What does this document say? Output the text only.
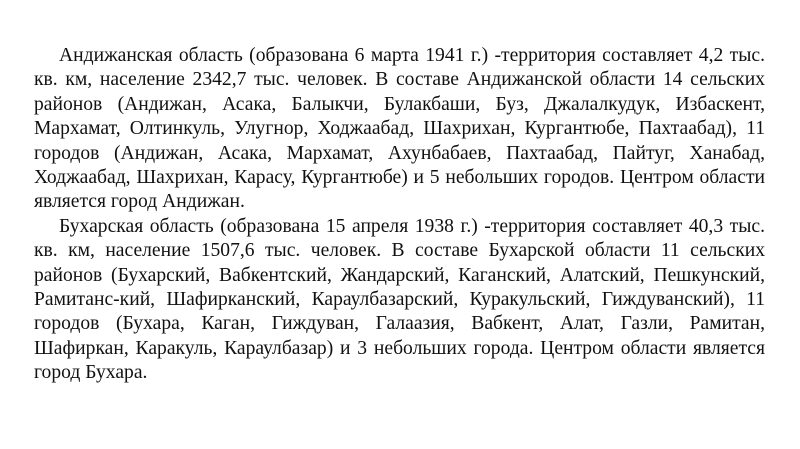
Андижанская область (образована 6 марта 1941 г.) -территория составляет 4,2 тыс. кв. км, население 2342,7 тыс. человек. В составе Андижанской области 14 сельских районов (Андижан, Асака, Балыкчи, Булакбаши, Буз, Джалалкудук, Избаскент, Мархамат, Олтинкуль, Улугнор, Ходжаабад, Шахрихан, Кургантюбе, Пахтаабад), 11 городов (Андижан, Асака, Мархамат, Ахунбабаев, Пахтаабад, Пайтуг, Ханабад, Ходжаабад, Шахрихан, Карасу, Кургантюбе) и 5 небольших городов. Центром области является город Андижан.

Бухарская область (образована 15 апреля 1938 г.) -территория составляет 40,3 тыс. кв. км, население 1507,6 тыс. человек. В составе Бухарской области 11 сельских районов (Бухарский, Вабкентский, Жандарский, Каганский, Алатский, Пешкунский, Рамитанс-кий, Шафирканский, Караулбазарский, Куракульский, Гиждуванский), 11 городов (Бухара, Каган, Гиждуван, Галаазия, Вабкент, Алат, Газли, Рамитан, Шафиркан, Каракуль, Караулбазар) и 3 небольших города. Центром области является город Бухара.
